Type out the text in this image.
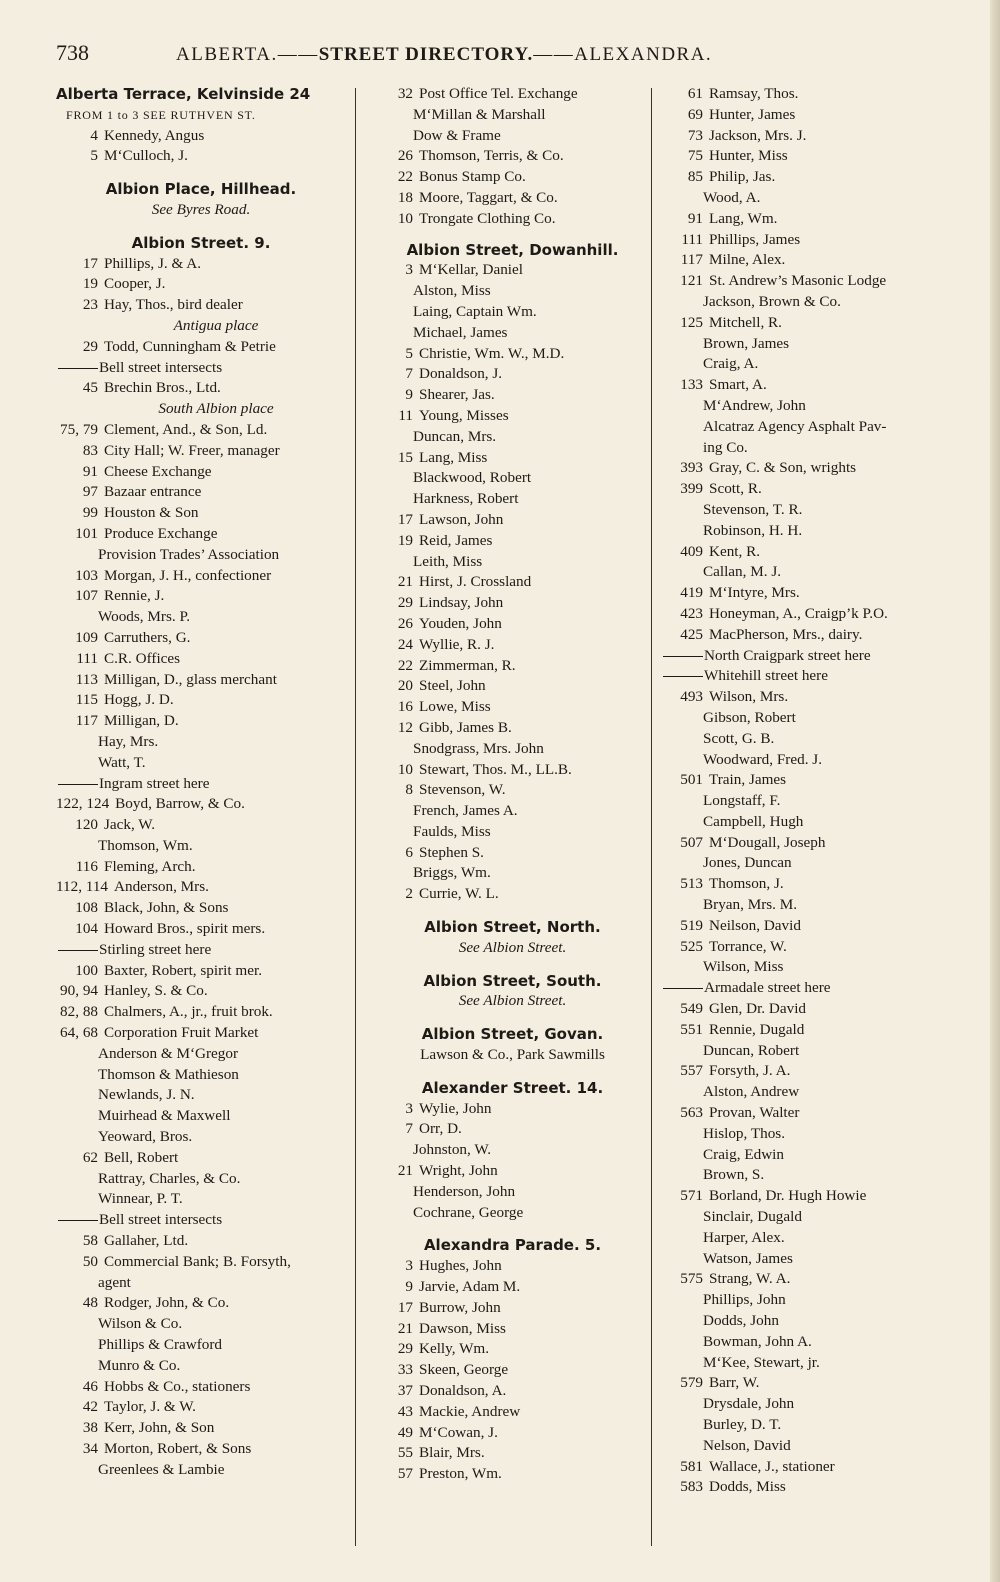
738	ALBERTA.——STREET DIRECTORY.——ALEXANDRA.
Alberta Terrace, Kelvinside 24
FROM 1 to 3 SEE RUTHVEN ST.
4 Kennedy, Angus
5 M‘Culloch, J.
Albion Place, Hillhead.
See Byres Road.
Albion Street. 9.
17 Phillips, J. & A.
19 Cooper, J.
23 Hay, Thos., bird dealer
Antigua place
29 Todd, Cunningham & Petrie
Bell street intersects
45 Brechin Bros., Ltd.
South Albion place
75, 79 Clement, And., & Son, Ld.
83 City Hall; W. Freer, manager
91 Cheese Exchange
97 Bazaar entrance
99 Houston & Son
101 Produce Exchange
Provision Trades’ Association
103 Morgan, J. H., confectioner
107 Rennie, J.
Woods, Mrs. P.
109 Carruthers, G.
111 C.R. Offices
113 Milligan, D., glass merchant
115 Hogg, J. D.
117 Milligan, D.
Hay, Mrs.
Watt, T.
Ingram street here
122, 124 Boyd, Barrow, & Co.
120 Jack, W.
Thomson, Wm.
116 Fleming, Arch.
112, 114 Anderson, Mrs.
108 Black, John, & Sons
104 Howard Bros., spirit mers.
Stirling street here
100 Baxter, Robert, spirit mer.
90, 94 Hanley, S. & Co.
82, 88 Chalmers, A., jr., fruit brok.
64, 68 Corporation Fruit Market
Anderson & M‘Gregor
Thomson & Mathieson
Newlands, J. N.
Muirhead & Maxwell
Yeoward, Bros.
62 Bell, Robert
Rattray, Charles, & Co.
Winnear, P. T.
Bell street intersects
58 Gallaher, Ltd.
50 Commercial Bank; B. Forsyth,
agent
48 Rodger, John, & Co.
Wilson & Co.
Phillips & Crawford
Munro & Co.
46 Hobbs & Co., stationers
42 Taylor, J. & W.
38 Kerr, John, & Son
34 Morton, Robert, & Sons
Greenlees & Lambie
32 Post Office Tel. Exchange
M‘Millan & Marshall
Dow & Frame
26 Thomson, Terris, & Co.
22 Bonus Stamp Co.
18 Moore, Taggart, & Co.
10 Trongate Clothing Co.
Albion Street, Dowanhill.
3 M‘Kellar, Daniel
Alston, Miss
Laing, Captain Wm.
Michael, James
5 Christie, Wm. W., M.D.
7 Donaldson, J.
9 Shearer, Jas.
11 Young, Misses
Duncan, Mrs.
15 Lang, Miss
Blackwood, Robert
Harkness, Robert
17 Lawson, John
19 Reid, James
Leith, Miss
21 Hirst, J. Crossland
29 Lindsay, John
26 Youden, John
24 Wyllie, R. J.
22 Zimmerman, R.
20 Steel, John
16 Lowe, Miss
12 Gibb, James B.
Snodgrass, Mrs. John
10 Stewart, Thos. M., LL.B.
8 Stevenson, W.
French, James A.
Faulds, Miss
6 Stephen S.
Briggs, Wm.
2 Currie, W. L.
Albion Street, North.
See Albion Street.
Albion Street, South.
See Albion Street.
Albion Street, Govan.
Lawson & Co., Park Sawmills
Alexander Street. 14.
3 Wylie, John
7 Orr, D.
Johnston, W.
21 Wright, John
Henderson, John
Cochrane, George
Alexandra Parade. 5.
3 Hughes, John
9 Jarvie, Adam M.
17 Burrow, John
21 Dawson, Miss
29 Kelly, Wm.
33 Skeen, George
37 Donaldson, A.
43 Mackie, Andrew
49 M‘Cowan, J.
55 Blair, Mrs.
57 Preston, Wm.
61 Ramsay, Thos.
69 Hunter, James
73 Jackson, Mrs. J.
75 Hunter, Miss
85 Philip, Jas.
Wood, A.
91 Lang, Wm.
111 Phillips, James
117 Milne, Alex.
121 St. Andrew’s Masonic Lodge
Jackson, Brown & Co.
125 Mitchell, R.
Brown, James
Craig, A.
133 Smart, A.
M‘Andrew, John
Alcatraz Agency Asphalt Pav-
ing Co.
393 Gray, C. & Son, wrights
399 Scott, R.
Stevenson, T. R.
Robinson, H. H.
409 Kent, R.
Callan, M. J.
419 M‘Intyre, Mrs.
423 Honeyman, A., Craigp’k P.O.
425 MacPherson, Mrs., dairy.
North Craigpark street here
Whitehill street here
493 Wilson, Mrs.
Gibson, Robert
Scott, G. B.
Woodward, Fred. J.
501 Train, James
Longstaff, F.
Campbell, Hugh
507 M‘Dougall, Joseph
Jones, Duncan
513 Thomson, J.
Bryan, Mrs. M.
519 Neilson, David
525 Torrance, W.
Wilson, Miss
Armadale street here
549 Glen, Dr. David
551 Rennie, Dugald
Duncan, Robert
557 Forsyth, J. A.
Alston, Andrew
563 Provan, Walter
Hislop, Thos.
Craig, Edwin
Brown, S.
571 Borland, Dr. Hugh Howie
Sinclair, Dugald
Harper, Alex.
Watson, James
575 Strang, W. A.
Phillips, John
Dodds, John
Bowman, John A.
M‘Kee, Stewart, jr.
579 Barr, W.
Drysdale, John
Burley, D. T.
Nelson, David
581 Wallace, J., stationer
583 Dodds, Miss
